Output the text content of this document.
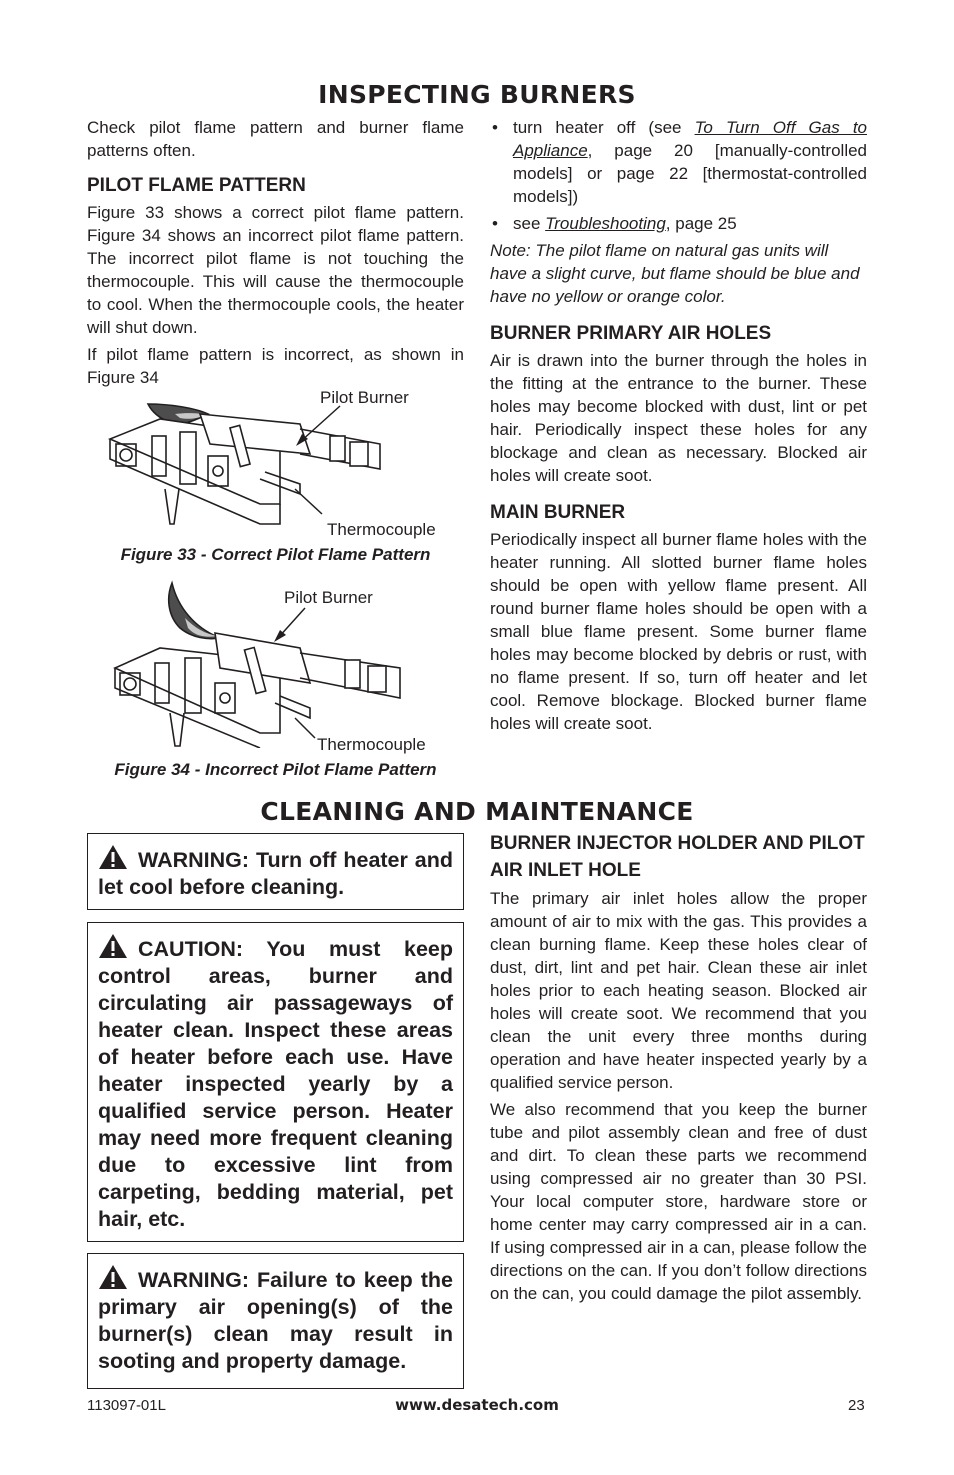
INSPECTING BURNERS

Check pilot flame pattern and burner flame patterns often.

PILOT FLAME PATTERN

Figure 33 shows a correct pilot flame pattern. Figure 34 shows an incorrect pilot flame pattern. The incorrect pilot flame is not touching the thermocouple. This will cause the thermocouple to cool. When the thermocouple cools, the heater will shut down.

If pilot flame pattern is incorrect, as shown in Figure 34

Pilot Burner
Thermocouple
Figure 33 - Correct Pilot Flame Pattern
Pilot Burner
Thermocouple
Figure 34 - Incorrect Pilot Flame Pattern
• turn heater off (see To Turn Off Gas to Appliance, page 20 [manually-controlled models] or page 22 [thermostat-controlled models])
• see Troubleshooting, page 25
Note: The pilot flame on natural gas units will have a slight curve, but flame should be blue and have no yellow or orange color.
BURNER PRIMARY AIR HOLES
Air is drawn into the burner through the holes in the fitting at the entrance to the burner. These holes may become blocked with dust, lint or pet hair. Periodically inspect these holes for any blockage and clean as necessary. Blocked air holes will create soot.
MAIN BURNER
Periodically inspect all burner flame holes with the heater running. All slotted burner flame holes should be open with yellow flame present. All round burner flame holes should be open with a small blue flame present. Some burner flame holes may become blocked by debris or rust, with no flame present. If so, turn off heater and let cool. Remove blockage. Blocked burner flame holes will create soot.
CLEANING AND MAINTENANCE
WARNING: Turn off heater and let cool before cleaning.
CAUTION: You must keep control areas, burner and circulating air passageways of heater clean. Inspect these areas of heater before each use. Have heater inspected yearly by a qualified service person. Heater may need more frequent cleaning due to excessive lint from carpeting, bedding material, pet hair, etc.
WARNING: Failure to keep the primary air opening(s) of the burner(s) clean may result in sooting and property damage.
BURNER INJECTOR HOLDER AND PILOT AIR INLET HOLE
The primary air inlet holes allow the proper amount of air to mix with the gas. This provides a clean burning flame. Keep these holes clear of dust, dirt, lint and pet hair. Clean these air inlet holes prior to each heating season. Blocked air holes will create soot. We recommend that you clean the unit every three months during operation and have heater inspected yearly by a qualified service person.
We also recommend that you keep the burner tube and pilot assembly clean and free of dust and dirt. To clean these parts we recommend using compressed air no greater than 30 PSI. Your local computer store, hardware store or home center may carry compressed air in a can. If using compressed air in a can, please follow the directions on the can. If you don’t follow directions on the can, you could damage the pilot assembly.
113097-01L	www.desatech.com	23
